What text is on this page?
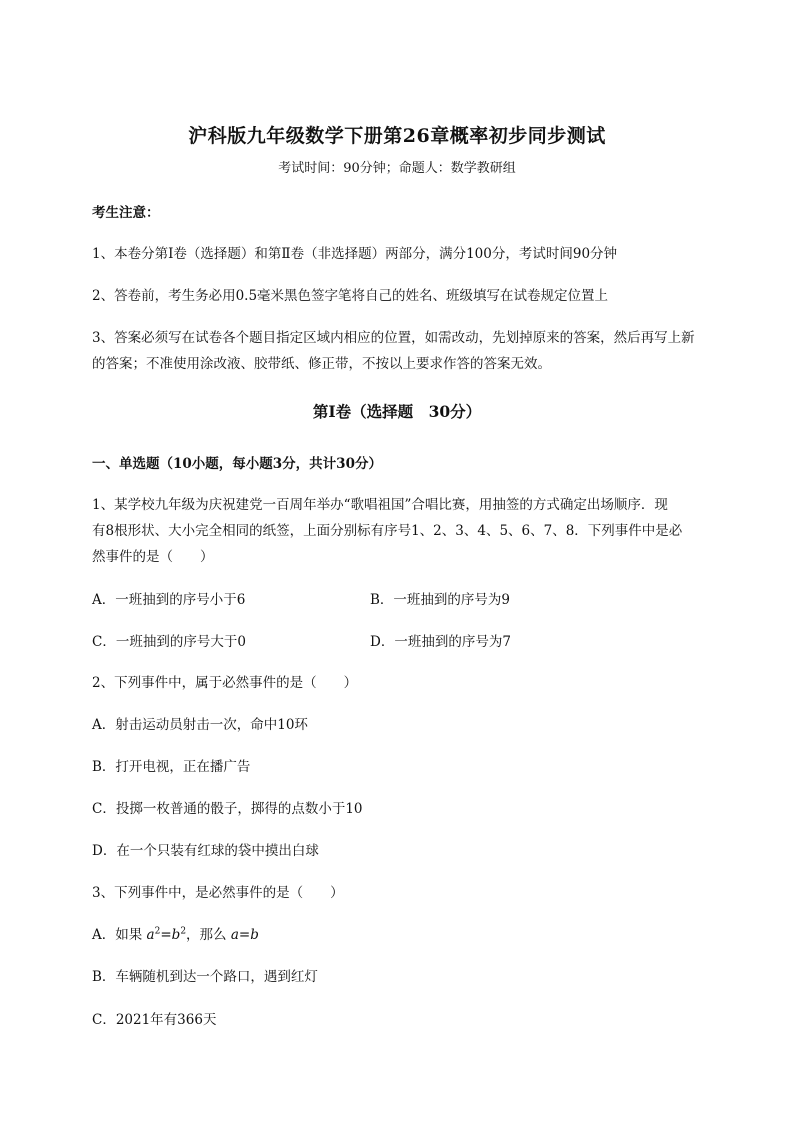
沪科版九年级数学下册第26章概率初步同步测试
考试时间：90分钟；命题人：数学教研组
考生注意：
1、本卷分第I卷（选择题）和第Ⅱ卷（非选择题）两部分，满分100分，考试时间90分钟
2、答卷前，考生务必用0.5毫米黑色签字笔将自己的姓名、班级填写在试卷规定位置上
3、答案必须写在试卷各个题目指定区域内相应的位置，如需改动，先划掉原来的答案，然后再写上新
的答案；不准使用涂改液、胶带纸、修正带，不按以上要求作答的答案无效。
第I卷（选择题　30分）
一、单选题（10小题，每小题3分，共计30分）
1、某学校九年级为庆祝建党一百周年举办“歌唱祖国”合唱比赛，用抽签的方式确定出场顺序．现
有8根形状、大小完全相同的纸签，上面分别标有序号1、2、3、4、5、6、7、8．下列事件中是必
然事件的是（　　）
A．一班抽到的序号小于6	B．一班抽到的序号为9
C．一班抽到的序号大于0	D．一班抽到的序号为7
2、下列事件中，属于必然事件的是（　　）
A．射击运动员射击一次，命中10环
B．打开电视，正在播广告
C．投掷一枚普通的骰子，掷得的点数小于10
D．在一个只装有红球的袋中摸出白球
3、下列事件中，是必然事件的是（　　）
A．如果 $a^2=b^2$，那么 a=b
B．车辆随机到达一个路口，遇到红灯
C．2021年有366天
